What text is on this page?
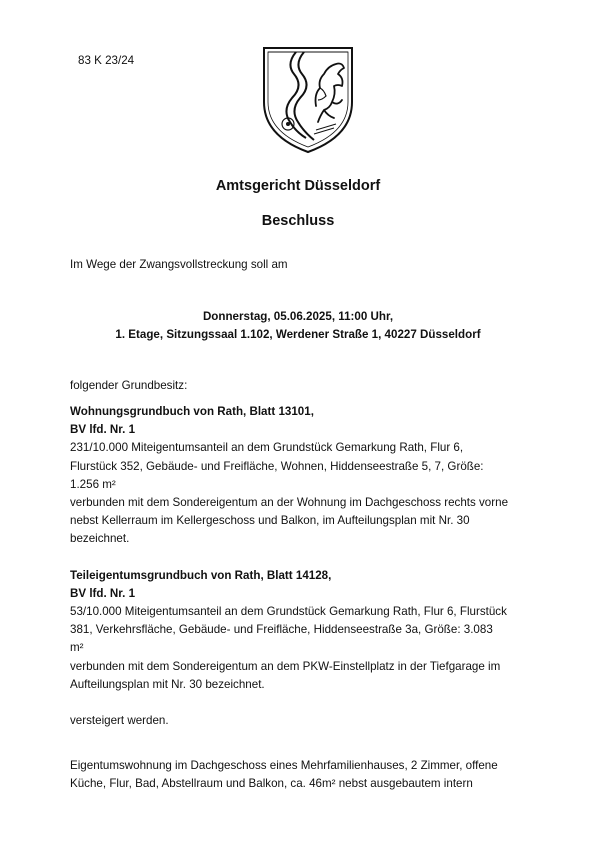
83 K 23/24
Amtsgericht Düsseldorf
Beschluss
Im Wege der Zwangsvollstreckung soll am
Donnerstag, 05.06.2025, 11:00 Uhr,
1. Etage, Sitzungssaal 1.102, Werdener Straße 1, 40227 Düsseldorf
folgender Grundbesitz:
Wohnungsgrundbuch von Rath, Blatt 13101,
BV lfd. Nr. 1
231/10.000 Miteigentumsanteil an dem Grundstück Gemarkung Rath, Flur 6,
Flurstück 352, Gebäude- und Freifläche, Wohnen, Hiddenseestraße 5, 7, Größe:
1.256 m²
verbunden mit dem Sondereigentum an der Wohnung im Dachgeschoss rechts vorne
nebst Kellerraum im Kellergeschoss und Balkon, im Aufteilungsplan mit Nr. 30
bezeichnet.
Teileigentumsgrundbuch von Rath, Blatt 14128,
BV lfd. Nr. 1
53/10.000 Miteigentumsanteil an dem Grundstück Gemarkung Rath, Flur 6, Flurstück
381, Verkehrsfläche, Gebäude- und Freifläche, Hiddenseestraße 3a, Größe: 3.083
m²
verbunden mit dem Sondereigentum an dem PKW-Einstellplatz in der Tiefgarage im
Aufteilungsplan mit Nr. 30 bezeichnet.
versteigert werden.
Eigentumswohnung im Dachgeschoss eines Mehrfamilienhauses, 2 Zimmer, offene
Küche, Flur, Bad, Abstellraum und Balkon, ca. 46m² nebst ausgebautem intern
